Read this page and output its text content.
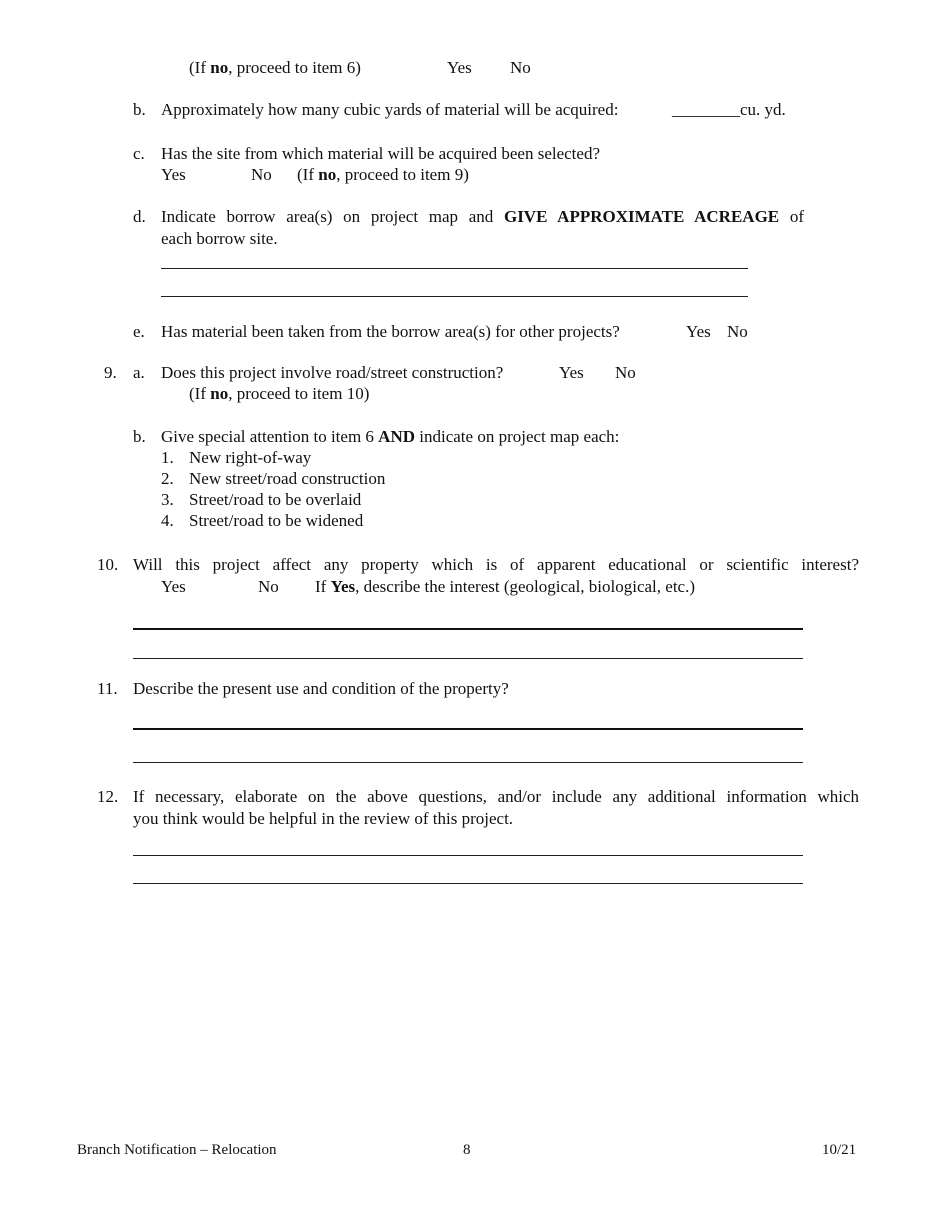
(If no, proceed to item 6)	Yes No
b. Approximately how many cubic yards of material will be acquired:	________cu. yd.
c. Has the site from which material will be acquired been selected?
Yes	No (If no, proceed to item 9)
d. Indicate borrow area(s) on project map and GIVE APPROXIMATE ACREAGE of
each borrow site.
e. Has material been taken from the borrow area(s) for other projects?	Yes No
9. a. Does this project involve road/street construction?	Yes No
(If no, proceed to item 10)
b. Give special attention to item 6 AND indicate on project map each:
1. New right-of-way
2. New street/road construction
3. Street/road to be overlaid
4. Street/road to be widened
10. Will this project affect any property which is of apparent educational or scientific interest?
Yes	No If Yes, describe the interest (geological, biological, etc.)
11. Describe the present use and condition of the property?
12. If necessary, elaborate on the above questions, and/or include any additional information which
you think would be helpful in the review of this project.
Branch Notification – Relocation	8	10/21
